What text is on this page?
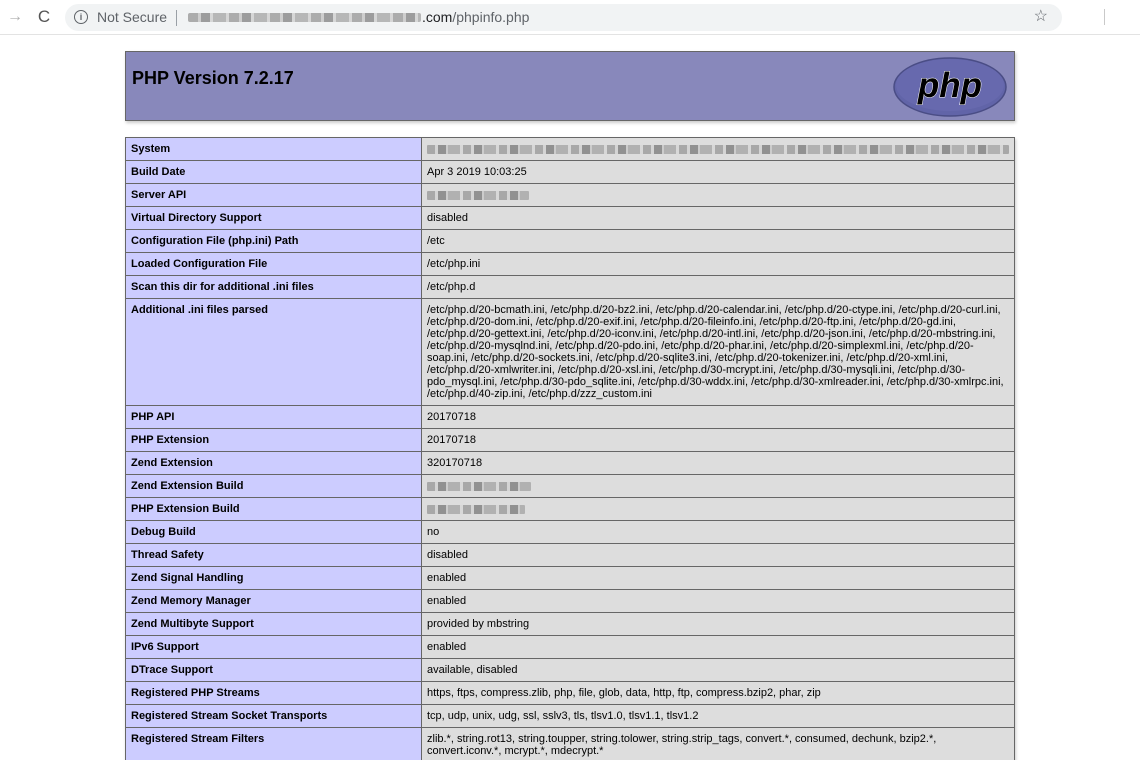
→ C	i	Not Secure	.com/phpinfo.php	☆
PHP Version 7.2.17	php
System	
Build Date	Apr 3 2019 10:03:25
Server API	
Virtual Directory Support	disabled
Configuration File (php.ini) Path	/etc
Loaded Configuration File	/etc/php.ini
Scan this dir for additional .ini files	/etc/php.d
Additional .ini files parsed	/etc/php.d/20-bcmath.ini, /etc/php.d/20-bz2.ini, /etc/php.d/20-calendar.ini, /etc/php.d/20-ctype.ini, /etc/php.d/20-curl.ini, /etc/php.d/20-dom.ini, /etc/php.d/20-exif.ini, /etc/php.d/20-fileinfo.ini, /etc/php.d/20-ftp.ini, /etc/php.d/20-gd.ini, /etc/php.d/20-gettext.ini, /etc/php.d/20-iconv.ini, /etc/php.d/20-intl.ini, /etc/php.d/20-json.ini, /etc/php.d/20-mbstring.ini, /etc/php.d/20-mysqlnd.ini, /etc/php.d/20-pdo.ini, /etc/php.d/20-phar.ini, /etc/php.d/20-simplexml.ini, /etc/php.d/20-soap.ini, /etc/php.d/20-sockets.ini, /etc/php.d/20-sqlite3.ini, /etc/php.d/20-tokenizer.ini, /etc/php.d/20-xml.ini, /etc/php.d/20-xmlwriter.ini, /etc/php.d/20-xsl.ini, /etc/php.d/30-mcrypt.ini, /etc/php.d/30-mysqli.ini, /etc/php.d/30-pdo_mysql.ini, /etc/php.d/30-pdo_sqlite.ini, /etc/php.d/30-wddx.ini, /etc/php.d/30-xmlreader.ini, /etc/php.d/30-xmlrpc.ini, /etc/php.d/40-zip.ini, /etc/php.d/zzz_custom.ini
PHP API	20170718
PHP Extension	20170718
Zend Extension	320170718
Zend Extension Build	
PHP Extension Build	
Debug Build	no
Thread Safety	disabled
Zend Signal Handling	enabled
Zend Memory Manager	enabled
Zend Multibyte Support	provided by mbstring
IPv6 Support	enabled
DTrace Support	available, disabled
Registered PHP Streams	https, ftps, compress.zlib, php, file, glob, data, http, ftp, compress.bzip2, phar, zip
Registered Stream Socket Transports	tcp, udp, unix, udg, ssl, sslv3, tls, tlsv1.0, tlsv1.1, tlsv1.2
Registered Stream Filters	zlib.*, string.rot13, string.toupper, string.tolower, string.strip_tags, convert.*, consumed, dechunk, bzip2.*, convert.iconv.*, mcrypt.*, mdecrypt.*
